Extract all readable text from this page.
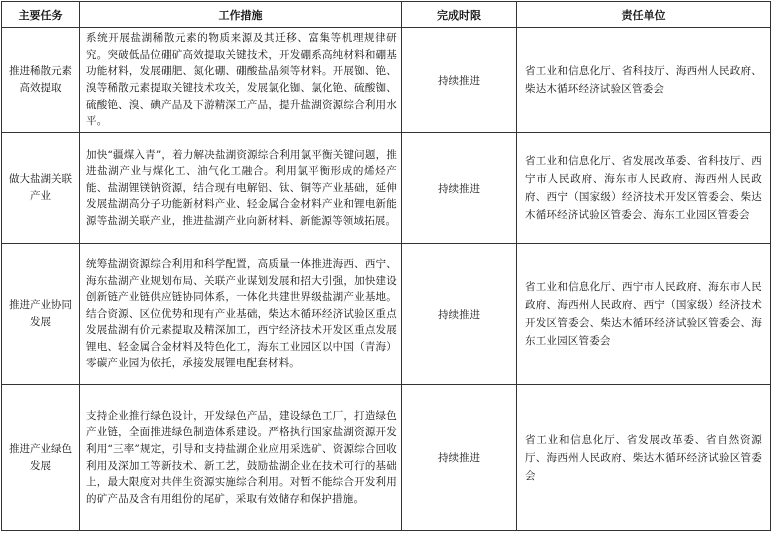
主要任务	工作措施	完成时限	责任单位
推进稀散元素高效提取	系统开展盐湖稀散元素的物质来源及其迁移、富集等机理规律研究。突破低品位硼矿高效提取关键技术，开发硼系高纯材料和硼基功能材料，发展硼肥、氮化硼、硼酸盐晶须等材料。开展铷、铯、溴等稀散元素提取关键技术攻关，发展氯化铷、氯化铯、硫酸铷、硫酸铯、溴、碘产品及下游精深工产品，提升盐湖资源综合利用水平。	持续推进	省工业和信息化厅、省科技厅、海西州人民政府、柴达木循环经济试验区管委会
做大盐湖关联产业	加快“疆煤入青”，着力解决盐湖资源综合利用氯平衡关键问题，推进盐湖产业与煤化工、油气化工融合。利用氯平衡形成的烯烃产能、盐湖锂镁钠资源，结合现有电解铝、钛、铜等产业基础，延伸发展盐湖高分子功能新材料产业、轻金属合金材料产业和锂电新能源等盐湖关联产业，推进盐湖产业向新材料、新能源等领域拓展。	持续推进	省工业和信息化厅、省发展改革委、省科技厅、西宁市人民政府、海东市人民政府、海西州人民政府、西宁（国家级）经济技术开发区管委会、柴达木循环经济试验区管委会、海东工业园区管委会
推进产业协同发展	统筹盐湖资源综合利用和科学配置，高质量一体推进海西、西宁、海东盐湖产业规划布局、关联产业谋划发展和招大引强，加快建设创新链产业链供应链协同体系，一体化共建世界级盐湖产业基地。结合资源、区位优势和现有产业基础，柴达木循环经济试验区重点发展盐湖有价元素提取及精深加工，西宁经济技术开发区重点发展锂电、轻金属合金材料及特色化工，海东工业园区以中国（青海）零碳产业园为依托，承接发展锂电配套材料。	持续推进	省工业和信息化厅、西宁市人民政府、海东市人民政府、海西州人民政府、西宁（国家级）经济技术开发区管委会、柴达木循环经济试验区管委会、海东工业园区管委会
推进产业绿色发展	支持企业推行绿色设计，开发绿色产品，建设绿色工厂，打造绿色产业链，全面推进绿色制造体系建设。严格执行国家盐湖资源开发利用“三率”规定，引导和支持盐湖企业应用采选矿、资源综合回收利用及深加工等新技术、新工艺，鼓励盐湖企业在技术可行的基础上，最大限度对共伴生资源实施综合利用。对暂不能综合开发利用的矿产品及含有用组份的尾矿，采取有效储存和保护措施。	持续推进	省工业和信息化厅、省发展改革委、省自然资源厅、海西州人民政府、柴达木循环经济试验区管委会
